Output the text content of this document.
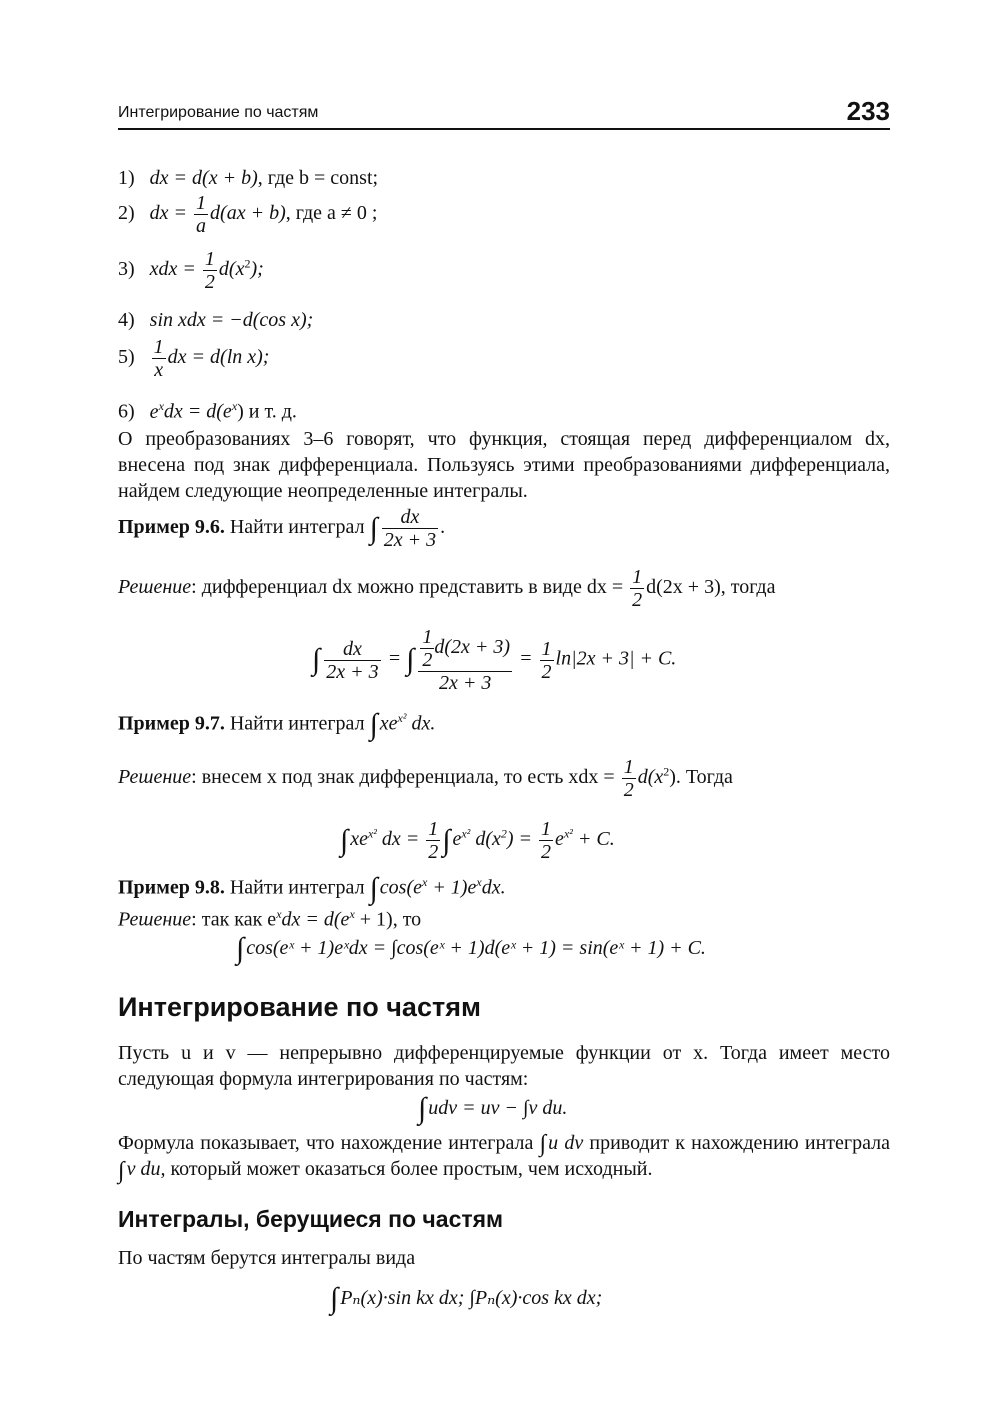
Интегрирование по частям	233
1) dx = d(x + b), где b = const;
2) dx = $\frac{1}{a} d(ax + b)$, где a ≠ 0 ;
3) xdx = $\frac{1}{2} d(x^2)$;
4) sin xdx = −d(cos x);
$5) \frac{1}{x}$ dx = d(ln x);
6) $e^xdx = d(e^x)$ и т. д.
О преобразованиях 3–6 говорят, что функция, стоящая перед дифференциалом dx, внесена под знак дифференциала. Пользуясь этими преобразованиями дифференциала, найдем следующие неопределенные интегралы.
Пример 9.6. Найти интеграл ∫ $\frac{dx}{2x + 3}$ .
Решение: дифференциал dx можно представить в виде dx = $\frac{1}{2} d(2x + 3)$, тогда
∫ $\frac{dx}{2x + 3}$ = ∫ $\frac{\frac{1}{2} d(2x + 3)}{2x + 3} = \frac{1}{2} \ln|2x + 3| + C$.
Пример 9.7. Найти интеграл ∫ $xe^{x^2}$ dx.
Решение: внесем x под знак дифференциала, то есть xdx = $\frac{1}{2} d(x^2)$. Тогда
∫ $xe^{x^2}$ dx = $\frac{1}{2}$ ∫ $e^{x^2}$ $d(x^2) = \frac{1}{2} e^{x^2} + C$.
Пример 9.8. Найти интеграл ∫ $\cos(e^x + 1)e^xdx$.
Решение: так как $e^xdx = d(e^x + 1)$, то
∫ cos(eˣ + 1)eˣdx = ∫cos(eˣ + 1)d(eˣ + 1) = sin(eˣ + 1) + C.
Интегрирование по частям
Пусть u и v — непрерывно дифференцируемые функции от x. Тогда имеет место следующая формула интегрирования по частям:
∫ udv = uv − ∫v du.
Формула показывает, что нахождение интеграла ∫ u dv приводит к нахождению интеграла ∫ v du, который может оказаться более простым, чем исходный.
Интегралы, берущиеся по частям
По частям берутся интегралы вида
∫ Pₙ(x)·sin kx dx; ∫Pₙ(x)·cos kx dx;
